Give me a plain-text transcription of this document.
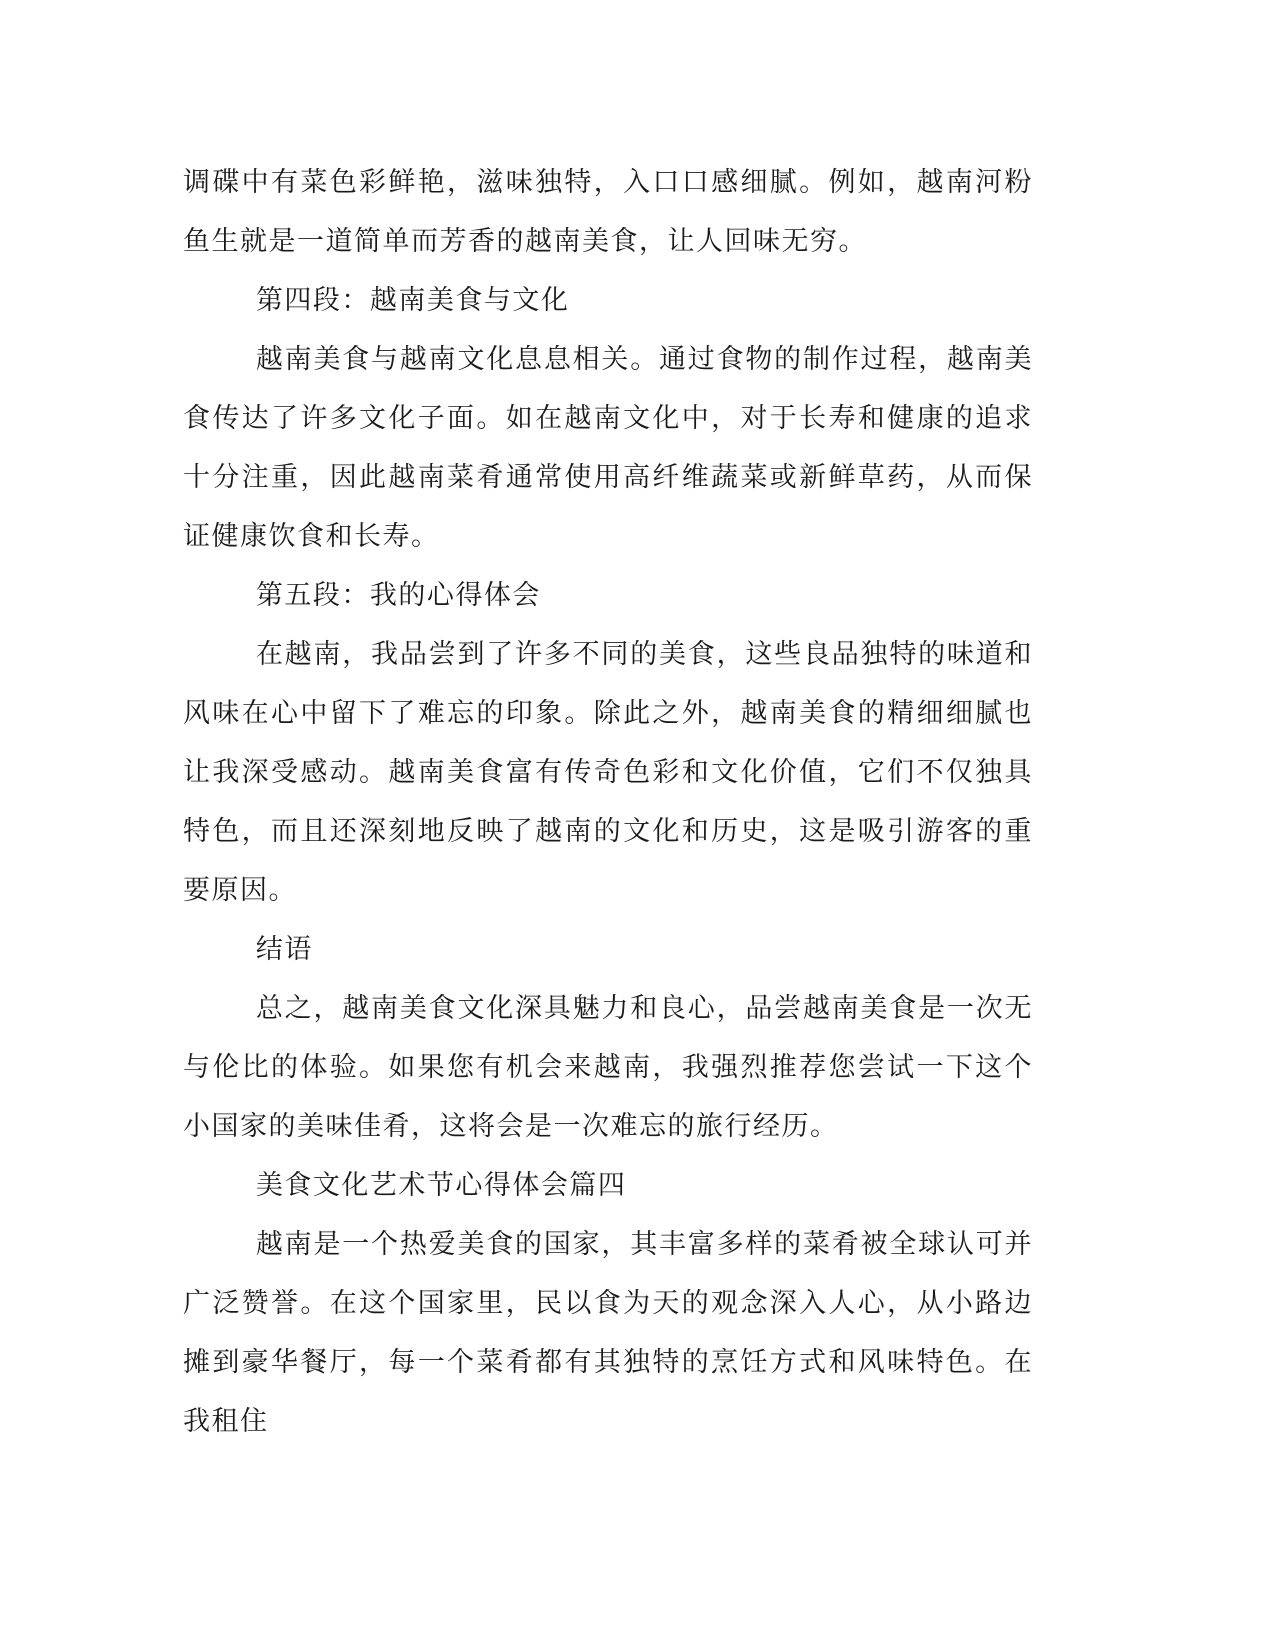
调碟中有菜色彩鲜艳，滋味独特，入口口感细腻。例如，越南河粉鱼生就是一道简单而芳香的越南美食，让人回味无穷。

第四段：越南美食与文化

越南美食与越南文化息息相关。通过食物的制作过程，越南美食传达了许多文化子面。如在越南文化中，对于长寿和健康的追求十分注重，因此越南菜肴通常使用高纤维蔬菜或新鲜草药，从而保证健康饮食和长寿。

第五段：我的心得体会

在越南，我品尝到了许多不同的美食，这些良品独特的味道和风味在心中留下了难忘的印象。除此之外，越南美食的精细细腻也让我深受感动。越南美食富有传奇色彩和文化价值，它们不仅独具特色，而且还深刻地反映了越南的文化和历史，这是吸引游客的重要原因。

结语

总之，越南美食文化深具魅力和良心，品尝越南美食是一次无与伦比的体验。如果您有机会来越南，我强烈推荐您尝试一下这个小国家的美味佳肴，这将会是一次难忘的旅行经历。

美食文化艺术节心得体会篇四

越南是一个热爱美食的国家，其丰富多样的菜肴被全球认可并广泛赞誉。在这个国家里，民以食为天的观念深入人心，从小路边摊到豪华餐厅，每一个菜肴都有其独特的烹饪方式和风味特色。在我租住
